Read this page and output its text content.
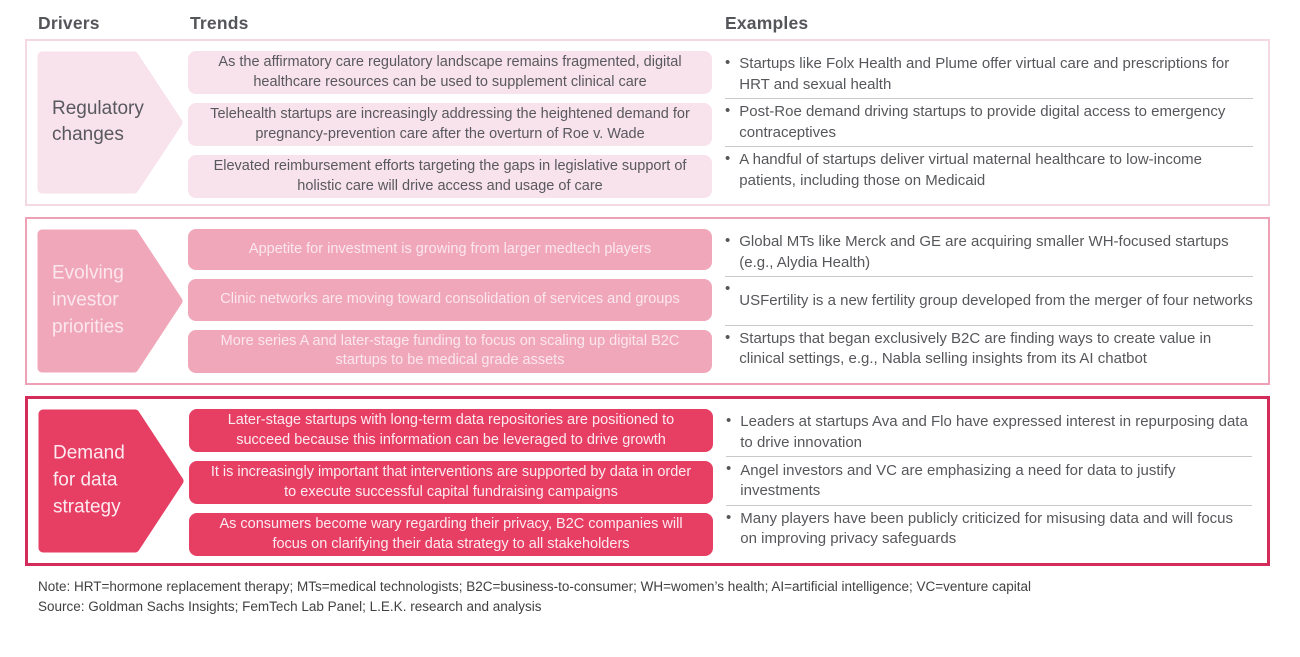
Drivers	Trends	Examples
Regulatory changes
As the affirmatory care regulatory landscape remains fragmented, digital healthcare resources can be used to supplement clinical care
Telehealth startups are increasingly addressing the heightened demand for pregnancy-prevention care after the overturn of Roe v. Wade
Elevated reimbursement efforts targeting the gaps in legislative support of holistic care will drive access and usage of care
• Startups like Folx Health and Plume offer virtual care and prescriptions for HRT and sexual health
• Post-Roe demand driving startups to provide digital access to emergency contraceptives
• A handful of startups deliver virtual maternal healthcare to low-income patients, including those on Medicaid
Evolving investor priorities
Appetite for investment is growing from larger medtech players
Clinic networks are moving toward consolidation of services and groups
More series A and later-stage funding to focus on scaling up digital B2C startups to be medical grade assets
• Global MTs like Merck and GE are acquiring smaller WH-focused startups (e.g., Alydia Health)
•
USFertility is a new fertility group developed from the merger of four networks
• Startups that began exclusively B2C are finding ways to create value in clinical settings, e.g., Nabla selling insights from its AI chatbot
Demand for data strategy
Later-stage startups with long-term data repositories are positioned to succeed because this information can be leveraged to drive growth
It is increasingly important that interventions are supported by data in order to execute successful capital fundraising campaigns
As consumers become wary regarding their privacy, B2C companies will focus on clarifying their data strategy to all stakeholders
• Leaders at startups Ava and Flo have expressed interest in repurposing data to drive innovation
• Angel investors and VC are emphasizing a need for data to justify investments
• Many players have been publicly criticized for misusing data and will focus on improving privacy safeguards
Note: HRT=hormone replacement therapy; MTs=medical technologists; B2C=business-to-consumer; WH=women’s health; AI=artificial intelligence; VC=venture capital
Source: Goldman Sachs Insights; FemTech Lab Panel; L.E.K. research and analysis
